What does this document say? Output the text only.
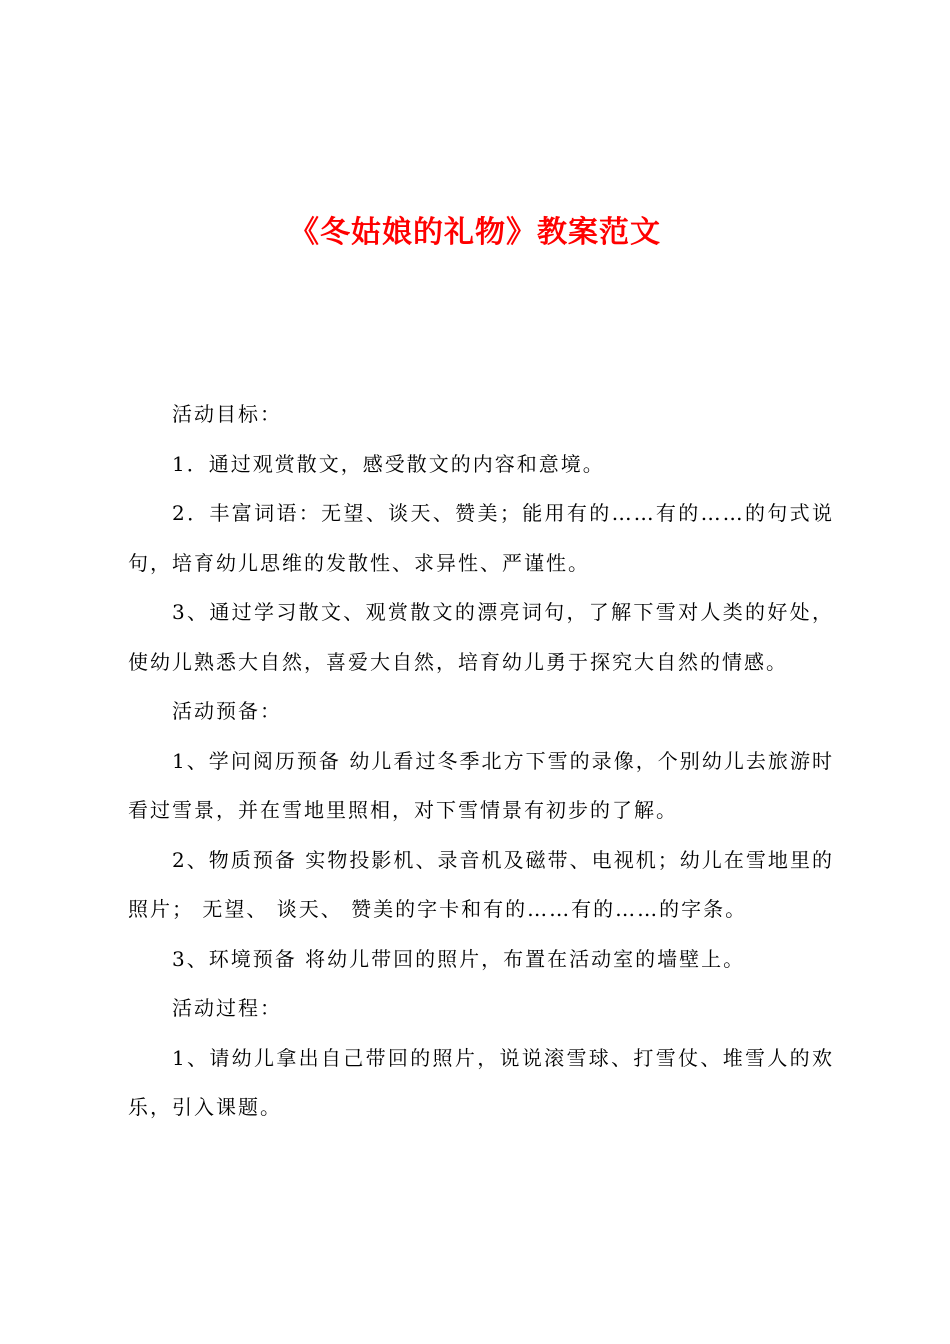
《冬姑娘的礼物》教案范文

活动目标：

1．通过观赏散文，感受散文的内容和意境。

2．丰富词语：无望、谈天、赞美；能用有的……有的……的句式说句，培育幼儿思维的发散性、求异性、严谨性。

3、通过学习散文、观赏散文的漂亮词句，了解下雪对人类的好处，使幼儿熟悉大自然，喜爱大自然，培育幼儿勇于探究大自然的情感。

活动预备：

1、学问阅历预备 幼儿看过冬季北方下雪的录像，个别幼儿去旅游时看过雪景，并在雪地里照相，对下雪情景有初步的了解。

2、物质预备 实物投影机、录音机及磁带、电视机；幼儿在雪地里的照片； 无望、 谈天、 赞美的字卡和有的……有的……的字条。

3、环境预备 将幼儿带回的照片，布置在活动室的墙壁上。

活动过程：

1、请幼儿拿出自己带回的照片，说说滚雪球、打雪仗、堆雪人的欢乐，引入课题。
